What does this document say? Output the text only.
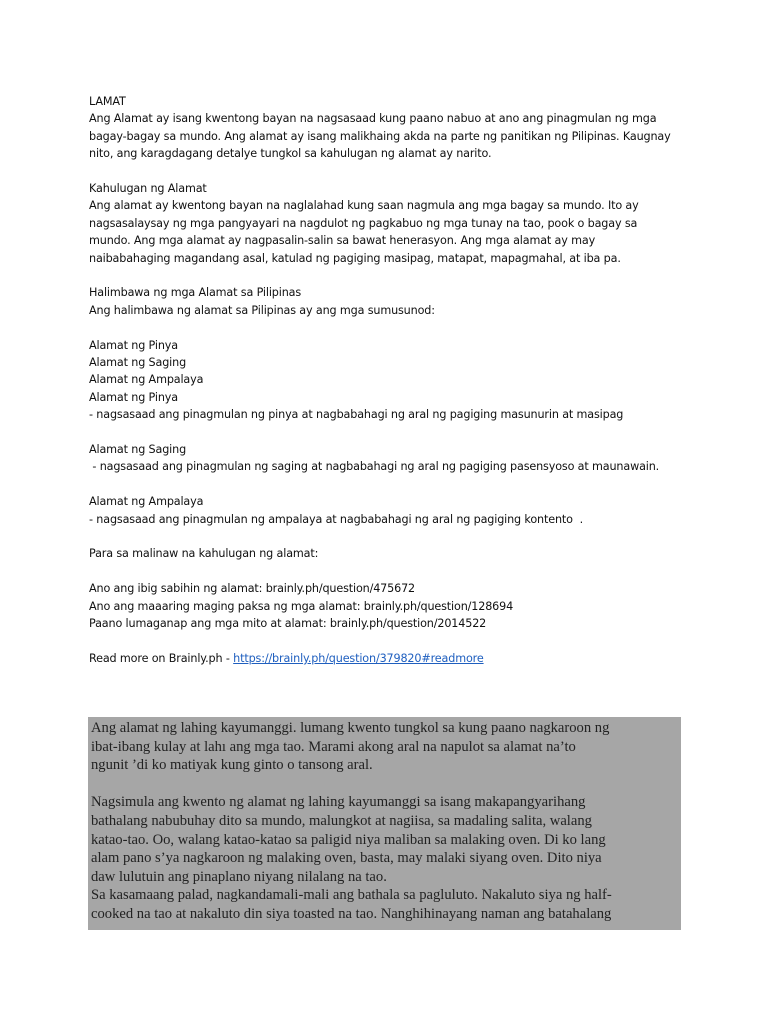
LAMAT

Ang Alamat ay isang kwentong bayan na nagsasaad kung paano nabuo at ano ang pinagmulan ng mga

bagay-bagay sa mundo. Ang alamat ay isang malikhaing akda na parte ng panitikan ng Pilipinas. Kaugnay

nito, ang karagdagang detalye tungkol sa kahulugan ng alamat ay narito.

Kahulugan ng Alamat

Ang alamat ay kwentong bayan na naglalahad kung saan nagmula ang mga bagay sa mundo. Ito ay

nagsasalaysay ng mga pangyayari na nagdulot ng pagkabuo ng mga tunay na tao, pook o bagay sa

mundo. Ang mga alamat ay nagpasalin-salin sa bawat henerasyon. Ang mga alamat ay may

naibabahaging magandang asal, katulad ng pagiging masipag, matapat, mapagmahal, at iba pa.

Halimbawa ng mga Alamat sa Pilipinas

Ang halimbawa ng alamat sa Pilipinas ay ang mga sumusunod:

Alamat ng Pinya

Alamat ng Saging

Alamat ng Ampalaya

Alamat ng Pinya

- nagsasaad ang pinagmulan ng pinya at nagbabahagi ng aral ng pagiging masunurin at masipag

Alamat ng Saging

- nagsasaad ang pinagmulan ng saging at nagbabahagi ng aral ng pagiging pasensyoso at maunawain.

Alamat ng Ampalaya

- nagsasaad ang pinagmulan ng ampalaya at nagbabahagi ng aral ng pagiging kontento  .

Para sa malinaw na kahulugan ng alamat:

Ano ang ibig sabihin ng alamat: brainly.ph/question/475672

Ano ang maaaring maging paksa ng mga alamat: brainly.ph/question/128694

Paano lumaganap ang mga mito at alamat: brainly.ph/question/2014522

Read more on Brainly.ph - https://brainly.ph/question/379820#readmore

Ang alamat ng lahing kayumanggi. lumang kwento tungkol sa kung paano nagkaroon ng

ibat-ibang kulay at lahı ang mga tao. Marami akong aral na napulot sa alamat na’to

ngunit ’di ko matiyak kung ginto o tansong aral.

Nagsimula ang kwento ng alamat ng lahing kayumanggi sa isang makapangyarihang

bathalang nabubuhay dito sa mundo, malungkot at nagiisa, sa madaling salita, walang

katao-tao. Oo, walang katao-katao sa paligid niya maliban sa malaking oven. Di ko lang

alam pano s’ya nagkaroon ng malaking oven, basta, may malaki siyang oven. Dito niya

daw lulutuin ang pinaplano niyang nilalang na tao.

Sa kasamaang palad, nagkandamali-mali ang bathala sa pagluluto. Nakaluto siya ng half-

cooked na tao at nakaluto din siya toasted na tao. Nanghihinayang naman ang batahalang
